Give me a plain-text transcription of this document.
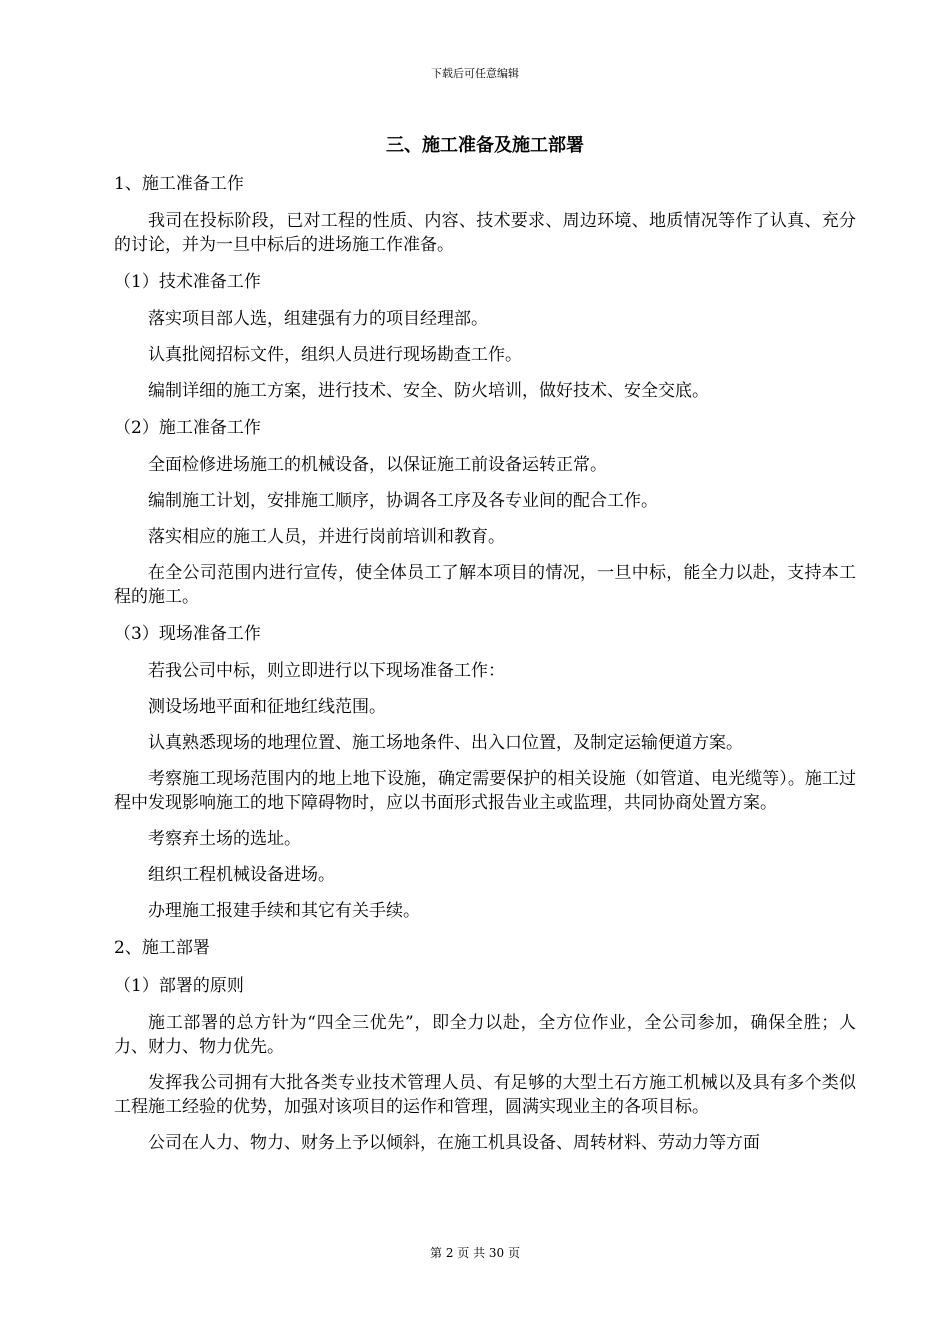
下载后可任意编辑
三、施工准备及施工部署
1、施工准备工作
我司在投标阶段，已对工程的性质、内容、技术要求、周边环境、地质情况等作了认真、充分的讨论，并为一旦中标后的进场施工作准备。
（1）技术准备工作
落实项目部人选，组建强有力的项目经理部。
认真批阅招标文件，组织人员进行现场勘查工作。
编制详细的施工方案，进行技术、安全、防火培训，做好技术、安全交底。
（2）施工准备工作
全面检修进场施工的机械设备，以保证施工前设备运转正常。
编制施工计划，安排施工顺序，协调各工序及各专业间的配合工作。
落实相应的施工人员，并进行岗前培训和教育。
在全公司范围内进行宣传，使全体员工了解本项目的情况，一旦中标，能全力以赴，支持本工程的施工。
（3）现场准备工作
若我公司中标，则立即进行以下现场准备工作：
测设场地平面和征地红线范围。
认真熟悉现场的地理位置、施工场地条件、出入口位置，及制定运输便道方案。
考察施工现场范围内的地上地下设施，确定需要保护的相关设施（如管道、电光缆等）。施工过程中发现影响施工的地下障碍物时，应以书面形式报告业主或监理，共同协商处置方案。
考察弃土场的选址。
组织工程机械设备进场。
办理施工报建手续和其它有关手续。
2、施工部署
（1）部署的原则
施工部署的总方针为“四全三优先”，即全力以赴，全方位作业，全公司参加，确保全胜；人力、财力、物力优先。
发挥我公司拥有大批各类专业技术管理人员、有足够的大型土石方施工机械以及具有多个类似工程施工经验的优势，加强对该项目的运作和管理，圆满实现业主的各项目标。
公司在人力、物力、财务上予以倾斜，在施工机具设备、周转材料、劳动力等方面
第 2 页 共 30 页
